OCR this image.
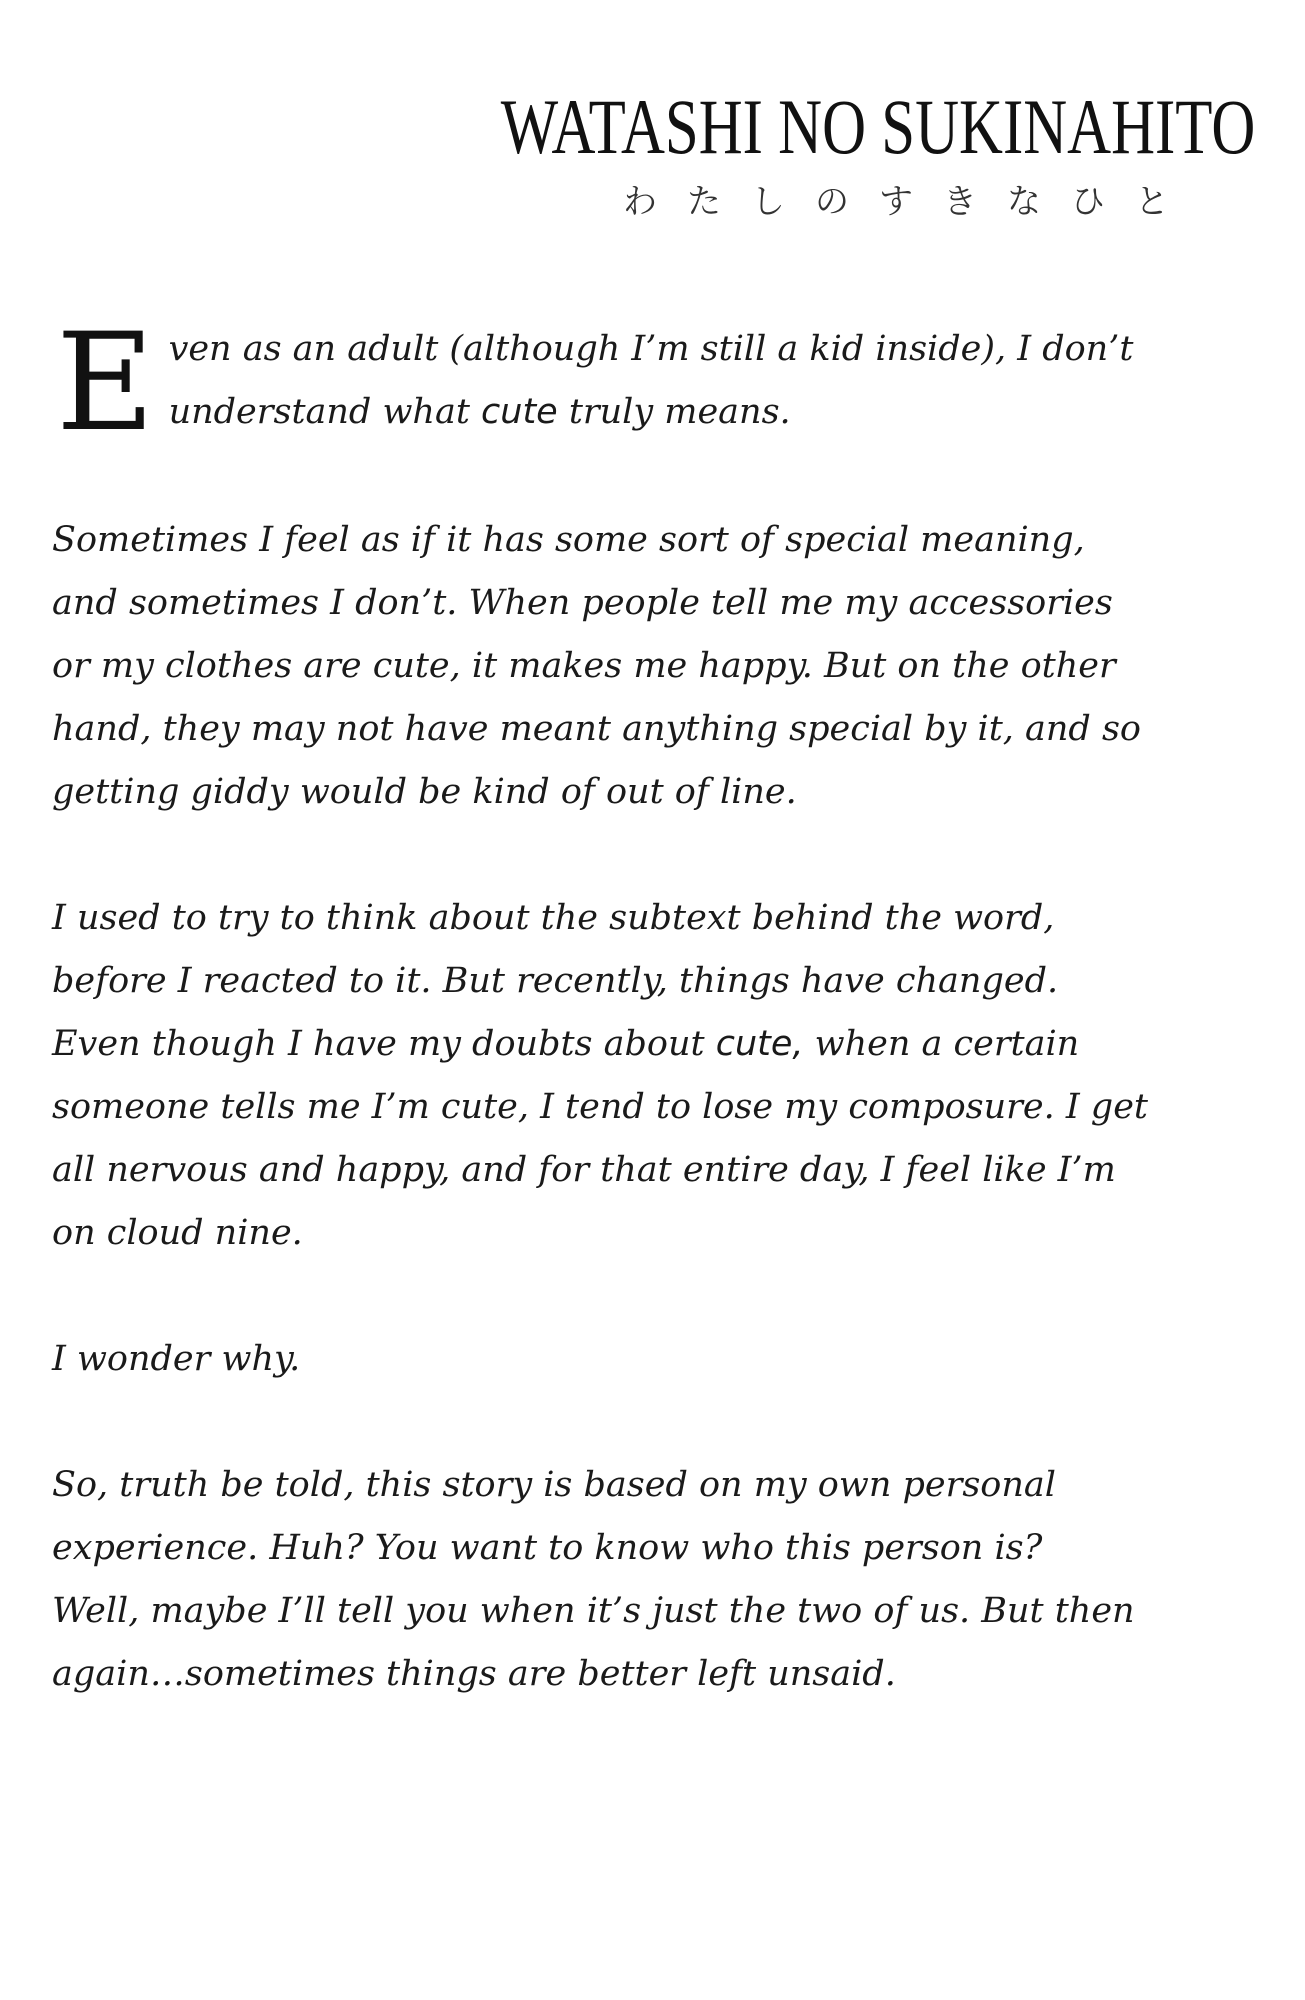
WATASHI NO SUKINAHITO
わたしのすきなひと
E ven as an adult (although I’m still a kid inside), I don’t
understand what cute truly means.
Sometimes I feel as if it has some sort of special meaning,
and sometimes I don’t. When people tell me my accessories
or my clothes are cute, it makes me happy. But on the other
hand, they may not have meant anything special by it, and so
getting giddy would be kind of out of line.
I used to try to think about the subtext behind the word,
before I reacted to it. But recently, things have changed.
Even though I have my doubts about cute, when a certain
someone tells me I’m cute, I tend to lose my composure. I get
all nervous and happy, and for that entire day, I feel like I’m
on cloud nine.
I wonder why.
So, truth be told, this story is based on my own personal
experience. Huh? You want to know who this person is?
Well, maybe I’ll tell you when it’s just the two of us. But then
again…sometimes things are better left unsaid.
